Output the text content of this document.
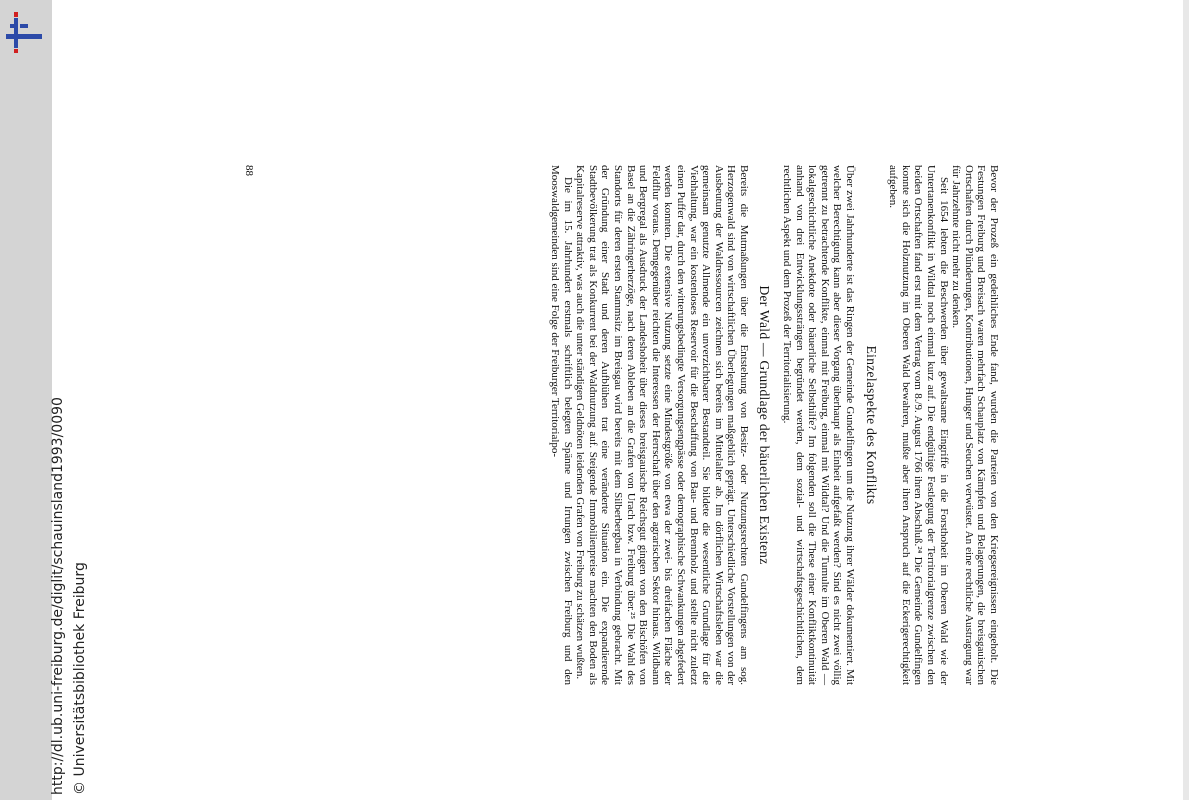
http://dl.ub.uni-freiburg.de/diglit/schauinsland1993/0090 © Universitätsbibliothek Freiburg	Bevor der Prozeß ein gedeihliches Ende fand, wurden die Parteien von den Kriegsereignissen eingeholt. Die Festungen Freiburg und Breisach waren mehrfach Schauplatz von Kämpfen und Belagerungen, die breisgauischen Ortschaften durch Plünderungen, Kontributionen, Hunger und Seuchen verwüstet. An eine rechtliche Austragung war für Jahrzehnte nicht mehr zu denken.

Seit 1654 lebten die Beschwerden über gewaltsame Eingriffe in die Forsthoheit im Oberen Wald wie der Untertanenkonflikt in Wildtal noch einmal kurz auf. Die endgültige Festlegung der Territorialgrenze zwischen den beiden Ortschaften fand erst mit dem Vertrag vom 8./9. August 1766 ihren Abschluß.²⁴ Die Gemeinde Gundelfingen konnte sich die Holznutzung im Oberen Wald bewahren, mußte aber ihren Anspruch auf die Eckerigerechtigkeit aufgeben.

Einzelaspekte des Konflikts

Über zwei Jahrhunderte ist das Ringen der Gemeinde Gundelfingen um die Nutzung ihrer Wälder dokumentiert. Mit welcher Berechtigung kann aber dieser Vorgang überhaupt als Einheit aufgefaßt werden? Sind es nicht zwei völlig getrennt zu betrachtende Konflikte, einmal mit Freiburg, einmal mit Wildtal? Und die Tumulte im Oberen Wald — lokalgeschichtliche Anekdote oder bäuerliche Selbsthilfe? Im folgenden soll die These einer Konfliktkontinuität anhand von drei Entwicklungssträngen begründet werden, dem sozial- und wirtschaftsgeschichtlichen, dem rechtlichen Aspekt und dem Prozeß der Territorialisierung.

Der Wald — Grundlage der bäuerlichen Existenz

Bereits die Mutmaßungen über die Entstehung von Besitz- oder Nutzungsrechten Gundelfingens am sog. Herzogenwald sind von wirtschaftlichen Überlegungen maßgeblich geprägt. Unterschiedliche Vorstellungen von der Ausbeutung der Waldressourcen zeichnen sich bereits im Mittelalter ab. Im dörflichen Wirtschaftsleben war die gemeinsam genutzte Allmende ein unverzichtbarer Bestandteil. Sie bildete die wesentliche Grundlage für die Viehhaltung, war ein kostenloses Reservoir für die Beschaffung von Bau- und Brennholz und stellte nicht zuletzt einen Puffer dar, durch den witterungsbedingte Versorgungsengpässe oder demographische Schwankungen abgefedert werden konnten. Die extensive Nutzung setzte eine Mindestgröße von etwa der zwei- bis dreifachen Fläche der Feldflur voraus. Demgegenüber reichten die Interessen der Herrschaft über den agrarischen Sektor hinaus. Wildbann und Bergregal als Ausdruck der Landeshoheit über dieses breisgauische Reichsgut gingen von den Bischöfen von Basel an die Zähringerherzöge, nach deren Ableben an die Grafen von Urach bzw. Freiburg über.²⁵ Die Wahl des Standorts für deren ersten Stammsitz im Breisgau wird bereits mit dem Silberbergbau in Verbindung gebracht. Mit der Gründung einer Stadt und deren Aufblühen trat eine veränderte Situation ein. Die expandierende Stadtbevölkerung trat als Konkurrent bei der Waldnutzung auf. Steigende Immobilienpreise machten den Boden als Kapitalreserve attraktiv, was auch die unter ständigen Geldnöten leidenden Grafen von Freiburg zu schätzen wußten.

Die im 15. Jahrhundert erstmals schriftlich belegten Spänne und Irrungen zwischen Freiburg und den Mooswaldgemeinden sind eine Folge der Freiburger Territorialpo-

88
